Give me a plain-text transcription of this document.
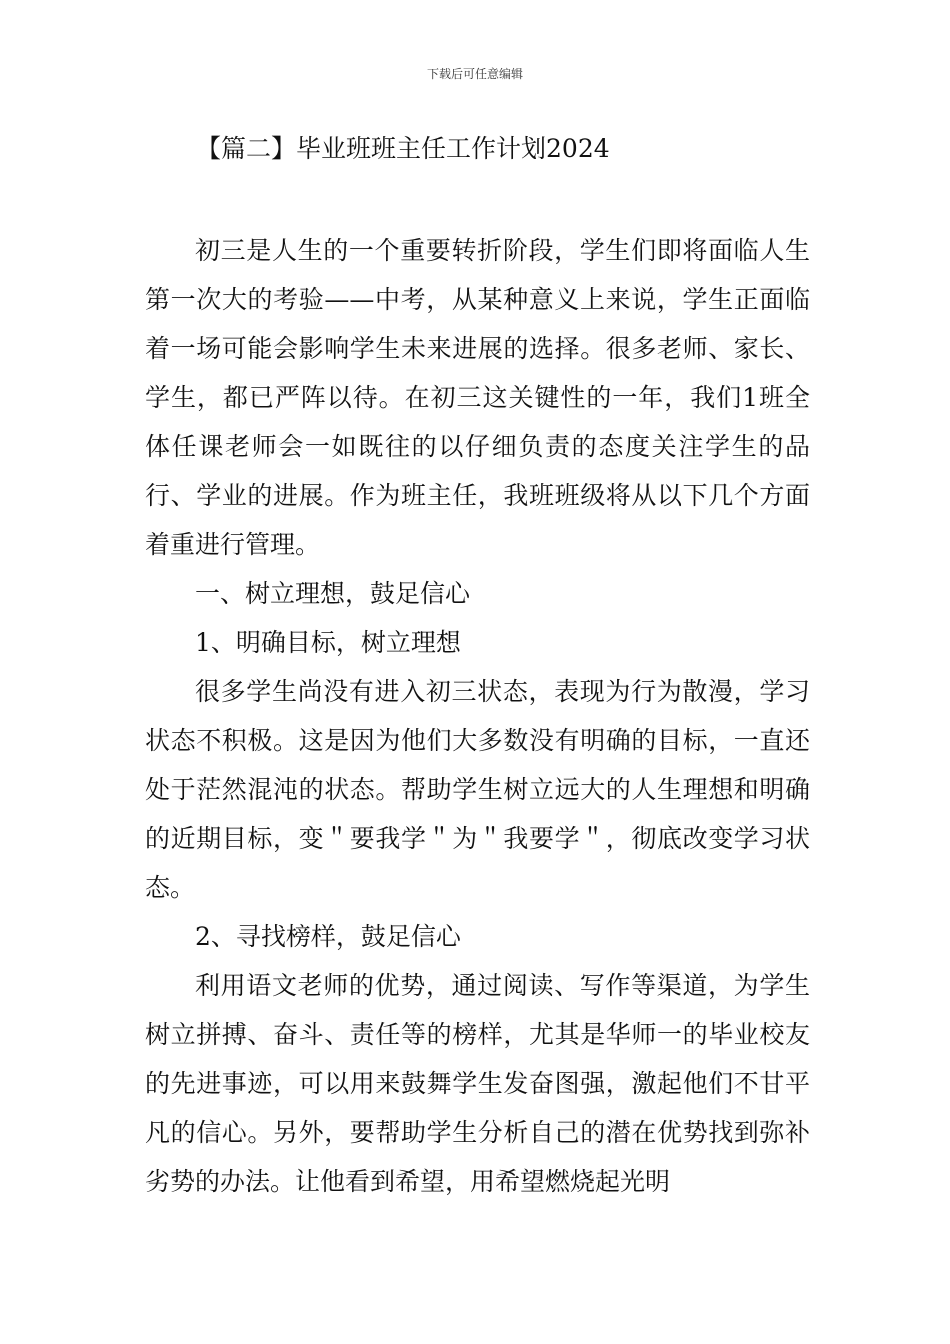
下载后可任意编辑
【篇二】毕业班班主任工作计划2024

初三是人生的一个重要转折阶段，学生们即将面临人生第一次大的考验——中考，从某种意义上来说，学生正面临着一场可能会影响学生未来进展的选择。很多老师、家长、学生，都已严阵以待。在初三这关键性的一年，我们1班全体任课老师会一如既往的以仔细负责的态度关注学生的品行、学业的进展。作为班主任，我班班级将从以下几个方面着重进行管理。

一、树立理想，鼓足信心

1、明确目标，树立理想

很多学生尚没有进入初三状态，表现为行为散漫，学习状态不积极。这是因为他们大多数没有明确的目标，一直还处于茫然混沌的状态。帮助学生树立远大的人生理想和明确的近期目标，变＂要我学＂为＂我要学＂，彻底改变学习状态。

2、寻找榜样，鼓足信心

利用语文老师的优势，通过阅读、写作等渠道，为学生树立拼搏、奋斗、责任等的榜样，尤其是华师一的毕业校友的先进事迹，可以用来鼓舞学生发奋图强，激起他们不甘平凡的信心。另外，要帮助学生分析自己的潜在优势找到弥补劣势的办法。让他看到希望，用希望燃烧起光明
